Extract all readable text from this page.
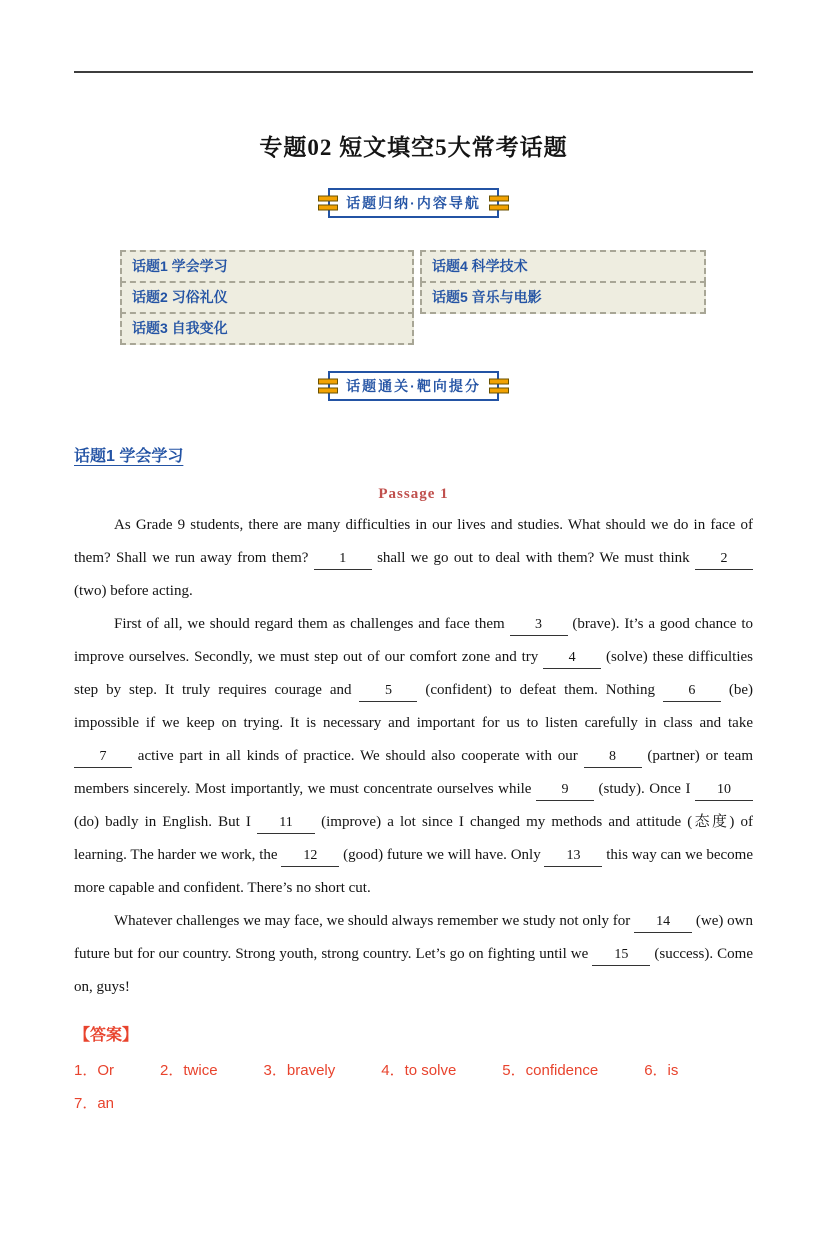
专题02 短文填空5大常考话题
话题归纳·内容导航
话题1 学会学习
话题2 习俗礼仪
话题3 自我变化
话题4 科学技术
话题5 音乐与电影
话题通关·靶向提分
话题1 学会学习
Passage 1

As Grade 9 students, there are many difficulties in our lives and studies. What should we do in face of them? Shall we run away from them? 1 shall we go out to deal with them? We must think 2 (two) before acting.

First of all, we should regard them as challenges and face them 3 (brave). It’s a good chance to improve ourselves. Secondly, we must step out of our comfort zone and try 4 (solve) these difficulties step by step. It truly requires courage and 5 (confident) to defeat them. Nothing 6 (be) impossible if we keep on trying. It is necessary and important for us to listen carefully in class and take 7 active part in all kinds of practice. We should also cooperate with our 8 (partner) or team members sincerely. Most importantly, we must concentrate ourselves while 9 (study). Once I 10 (do) badly in English. But I 11 (improve) a lot since I changed my methods and attitude (态度) of learning. The harder we work, the 12 (good) future we will have. Only 13 this way can we become more capable and confident. There’s no short cut.

Whatever challenges we may face, we should always remember we study not only for 14 (we) own future but for our country. Strong youth, strong country. Let’s go on fighting until we 15 (success). Come on, guys!

【答案】
1．Or	2．twice	3．bravely	4．to solve	5．confidence	6．is
7．an
